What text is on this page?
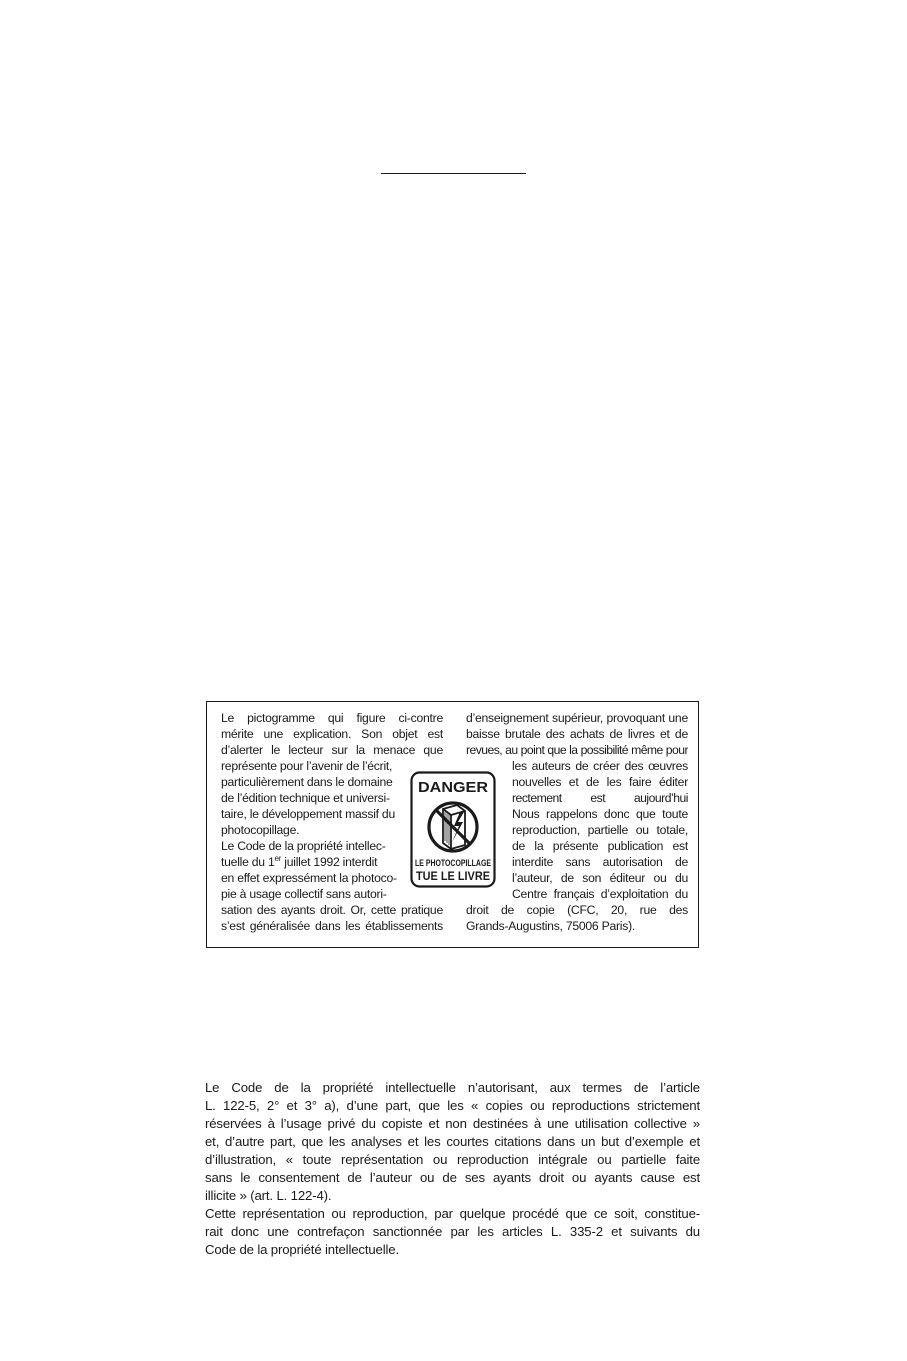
Le pictogramme qui figure ci-contre
mérite une explication. Son objet est
d’alerter le lecteur sur la menace que
représente pour l’avenir de l’écrit,
particulièrement dans le domaine
de l’édition technique et universi-
taire, le développement massif du
photocopillage.
Le Code de la propriété intellec-
tuelle du 1er juillet 1992 interdit
en effet expressément la photoco-
pie à usage collectif sans autori-
sation des ayants droit. Or, cette pratique
s’est généralisée dans les établissements
d’enseignement supérieur, provoquant une
baisse brutale des achats de livres et de
revues, au point que la possibilité même pour
les auteurs de créer des œuvres
nouvelles et de les faire éditer
rectement est aujourd’hui
Nous rappelons donc que toute
reproduction, partielle ou totale,
de la présente publication est
interdite sans autorisation de
l’auteur, de son éditeur ou du
Centre français d’exploitation du
droit de copie (CFC, 20, rue des
Grands-Augustins, 75006 Paris).
DANGER
LE PHOTOCOPILLAGE
TUE LE LIVRE
Le Code de la propriété intellectuelle n’autorisant, aux termes de l’article
L. 122-5, 2° et 3° a), d’une part, que les « copies ou reproductions strictement
réservées à l’usage privé du copiste et non destinées à une utilisation collective »
et, d’autre part, que les analyses et les courtes citations dans un but d’exemple et
d’illustration, « toute représentation ou reproduction intégrale ou partielle faite
sans le consentement de l’auteur ou de ses ayants droit ou ayants cause est
illicite » (art. L. 122-4).
Cette représentation ou reproduction, par quelque procédé que ce soit, constitue-
rait donc une contrefaçon sanctionnée par les articles L. 335-2 et suivants du
Code de la propriété intellectuelle.
